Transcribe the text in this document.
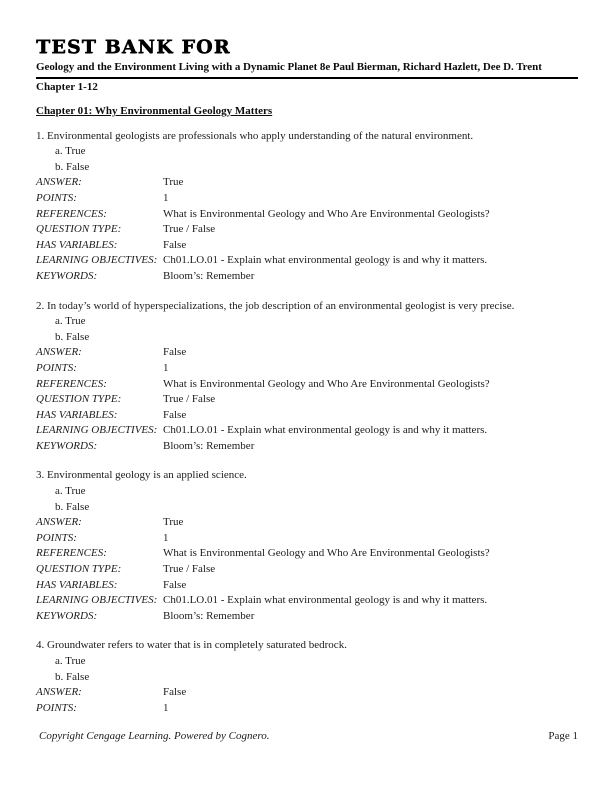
TEST BANK FOR
Geology and the Environment Living with a Dynamic Planet 8e Paul Bierman, Richard Hazlett, Dee D. Trent
Chapter 1-12
Chapter 01: Why Environmental Geology Matters
1. Environmental geologists are professionals who apply understanding of the natural environment.
a. True
b. False
ANSWER:	True
POINTS:	1
REFERENCES:	What is Environmental Geology and Who Are Environmental Geologists?
QUESTION TYPE:	True / False
HAS VARIABLES:	False
LEARNING OBJECTIVES: Ch01.LO.01 - Explain what environmental geology is and why it matters.
KEYWORDS:	Bloom’s: Remember
2. In today’s world of hyperspecializations, the job description of an environmental geologist is very precise.
a. True
b. False
ANSWER:	False
POINTS:	1
REFERENCES:	What is Environmental Geology and Who Are Environmental Geologists?
QUESTION TYPE:	True / False
HAS VARIABLES:	False
LEARNING OBJECTIVES: Ch01.LO.01 - Explain what environmental geology is and why it matters.
KEYWORDS:	Bloom’s: Remember
3. Environmental geology is an applied science.
a. True
b. False
ANSWER:	True
POINTS:	1
REFERENCES:	What is Environmental Geology and Who Are Environmental Geologists?
QUESTION TYPE:	True / False
HAS VARIABLES:	False
LEARNING OBJECTIVES: Ch01.LO.01 - Explain what environmental geology is and why it matters.
KEYWORDS:	Bloom’s: Remember
4. Groundwater refers to water that is in completely saturated bedrock.
a. True
b. False
ANSWER:	False
POINTS:	1
Copyright Cengage Learning. Powered by Cognero.	Page 1
